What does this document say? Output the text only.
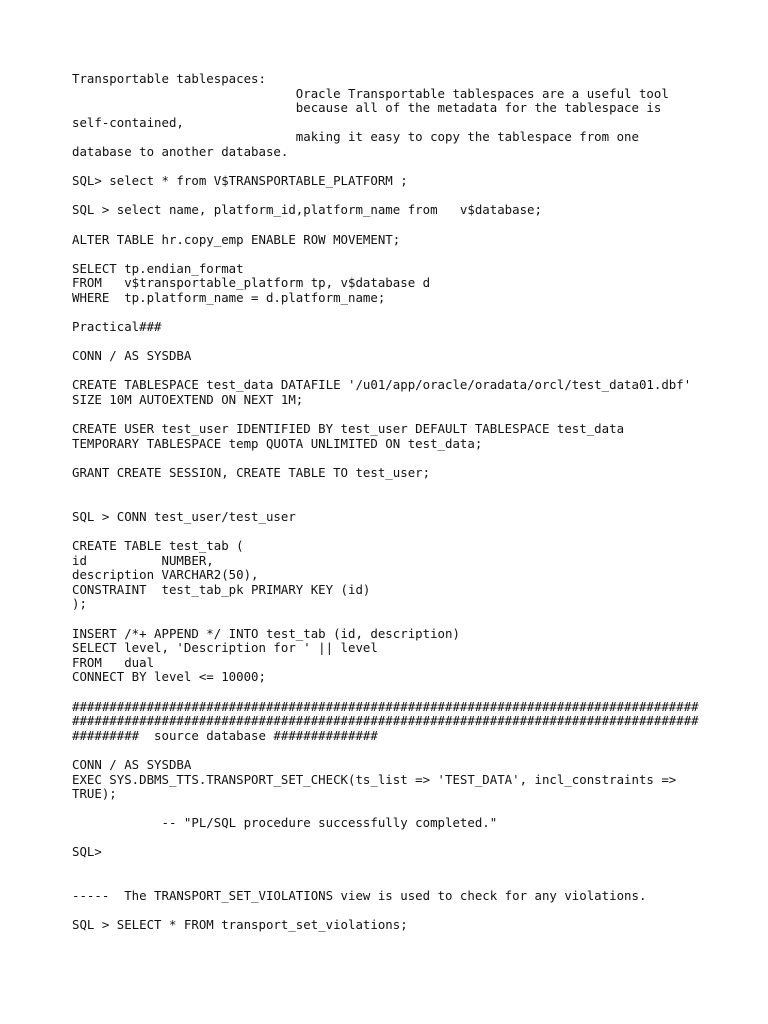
Transportable tablespaces:
Oracle Transportable tablespaces are a useful tool
because all of the metadata for the tablespace is
self-contained,
making it easy to copy the tablespace from one
database to another database.
SQL> select * from V$TRANSPORTABLE_PLATFORM ;
SQL > select name, platform_id,platform_name from   v$database;
ALTER TABLE hr.copy_emp ENABLE ROW MOVEMENT;
SELECT tp.endian_format
FROM   v$transportable_platform tp, v$database d
WHERE  tp.platform_name = d.platform_name;
Practical###
CONN / AS SYSDBA
CREATE TABLESPACE test_data DATAFILE '/u01/app/oracle/oradata/orcl/test_data01.dbf'
SIZE 10M AUTOEXTEND ON NEXT 1M;
CREATE USER test_user IDENTIFIED BY test_user DEFAULT TABLESPACE test_data
TEMPORARY TABLESPACE temp QUOTA UNLIMITED ON test_data;
GRANT CREATE SESSION, CREATE TABLE TO test_user;
SQL > CONN test_user/test_user
CREATE TABLE test_tab (
id          NUMBER,
description VARCHAR2(50),
CONSTRAINT  test_tab_pk PRIMARY KEY (id)
);
INSERT /*+ APPEND */ INTO test_tab (id, description)
SELECT level, 'Description for ' || level
FROM   dual
CONNECT BY level <= 10000;
####################################################################################
####################################################################################
#########  source database ##############
CONN / AS SYSDBA
EXEC SYS.DBMS_TTS.TRANSPORT_SET_CHECK(ts_list => 'TEST_DATA', incl_constraints =>
TRUE);
-- "PL/SQL procedure successfully completed."
SQL>
-----  The TRANSPORT_SET_VIOLATIONS view is used to check for any violations.
SQL > SELECT * FROM transport_set_violations;
